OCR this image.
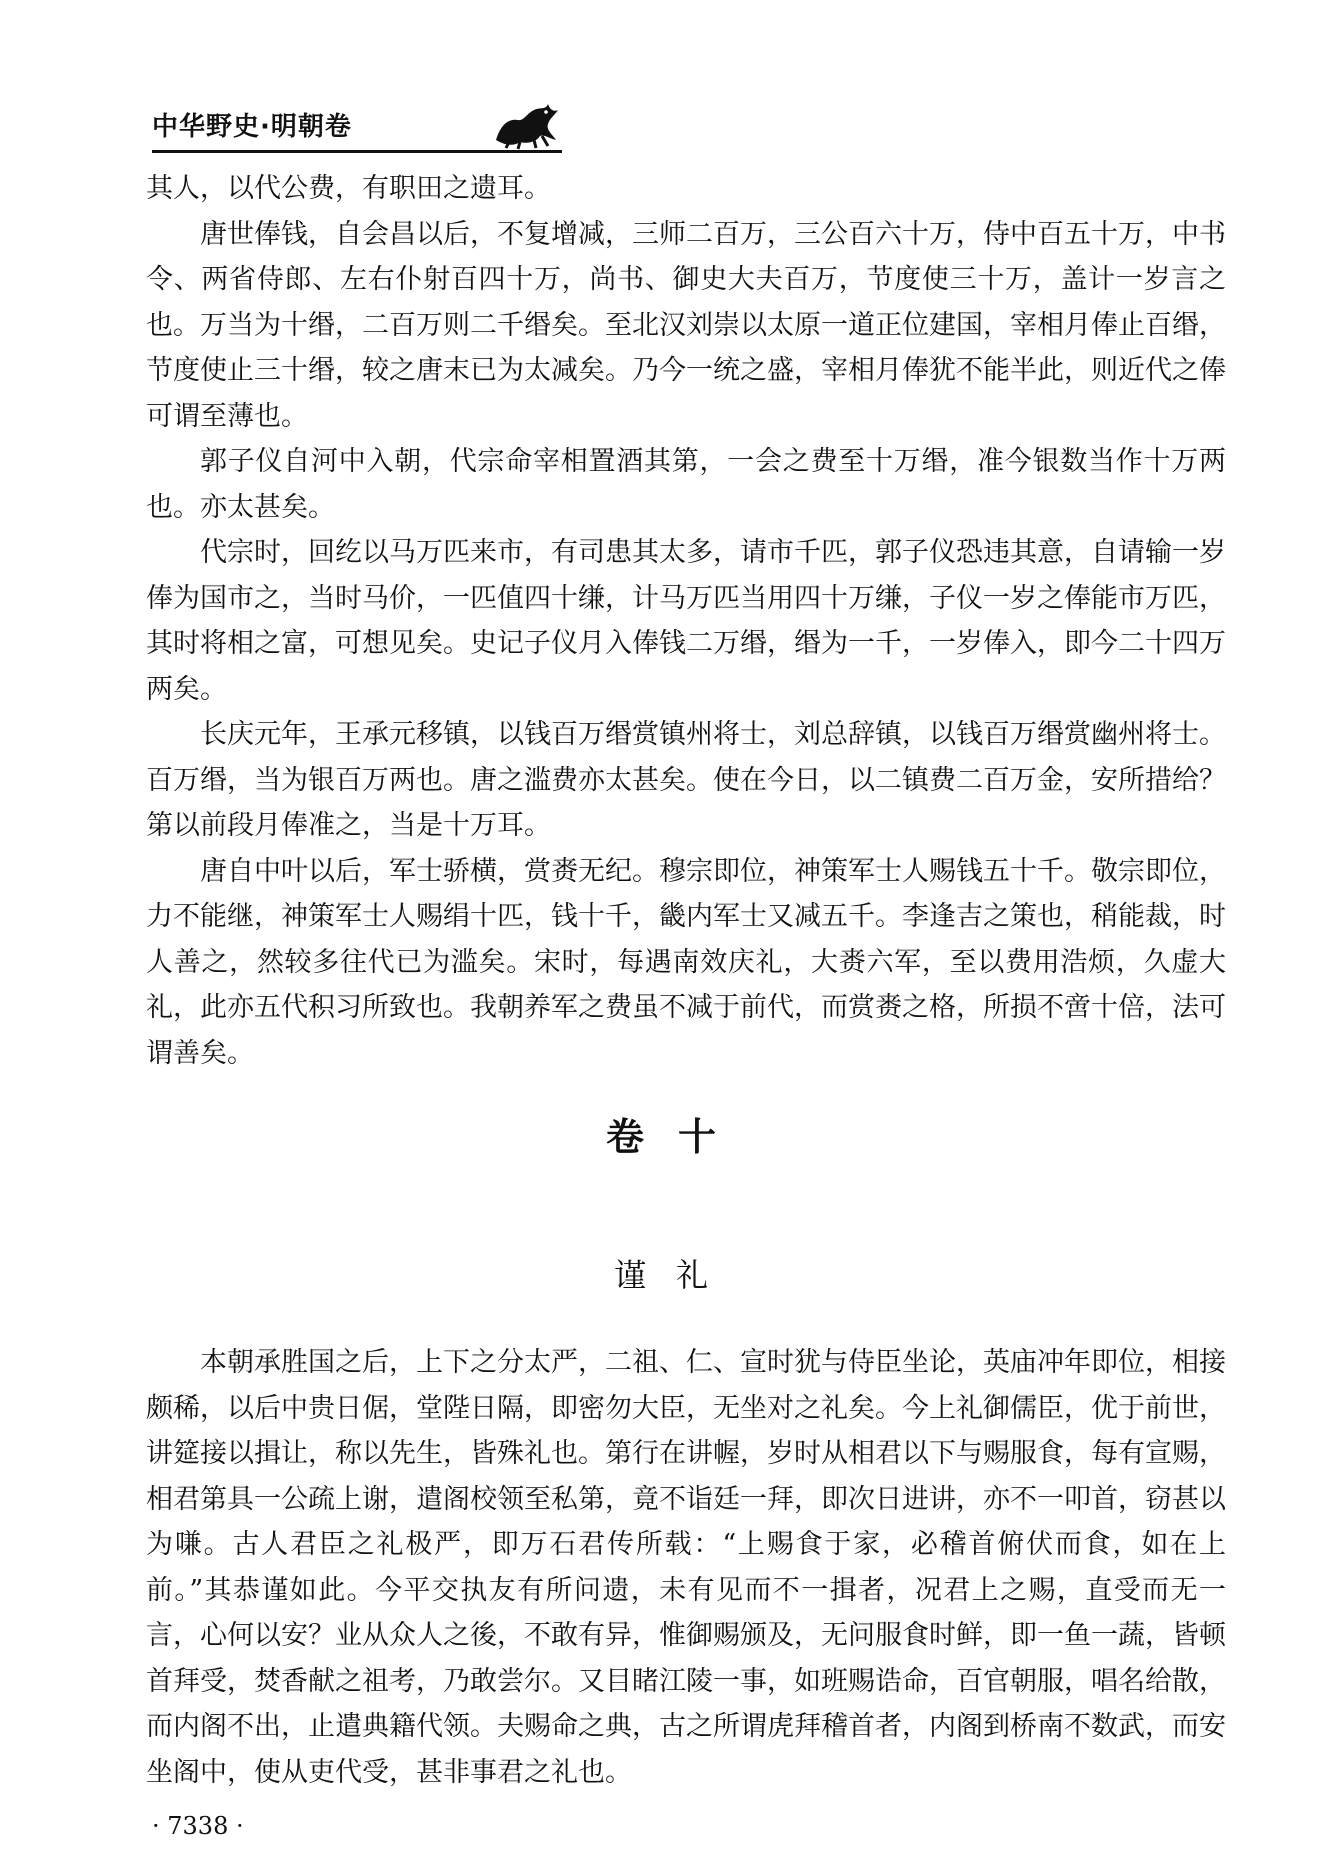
中华野史·明朝卷

其人，以代公费，有职田之遗耳。

唐世俸钱，自会昌以后，不复增减，三师二百万，三公百六十万，侍中百五十万，中书令、两省侍郎、左右仆射百四十万，尚书、御史大夫百万，节度使三十万，盖计一岁言之也。万当为十缗，二百万则二千缗矣。至北汉刘崇以太原一道正位建国，宰相月俸止百缗，节度使止三十缗，较之唐末已为太减矣。乃今一统之盛，宰相月俸犹不能半此，则近代之俸可谓至薄也。

郭子仪自河中入朝，代宗命宰相置酒其第，一会之费至十万缗，准今银数当作十万两也。亦太甚矣。

代宗时，回纥以马万匹来市，有司患其太多，请市千匹，郭子仪恐违其意，自请输一岁俸为国市之，当时马价，一匹值四十缣，计马万匹当用四十万缣，子仪一岁之俸能市万匹，其时将相之富，可想见矣。史记子仪月入俸钱二万缗，缗为一千，一岁俸入，即今二十四万两矣。

长庆元年，王承元移镇，以钱百万缗赏镇州将士，刘总辞镇，以钱百万缗赏幽州将士。百万缗，当为银百万两也。唐之滥费亦太甚矣。使在今日，以二镇费二百万金，安所措给？第以前段月俸准之，当是十万耳。

唐自中叶以后，军士骄横，赏赉无纪。穆宗即位，神策军士人赐钱五十千。敬宗即位，力不能继，神策军士人赐绢十匹，钱十千，畿内军士又减五千。李逢吉之策也，稍能裁，时人善之，然较多往代已为滥矣。宋时，每遇南效庆礼，大赉六军，至以费用浩烦，久虚大礼，此亦五代积习所致也。我朝养军之费虽不减于前代，而赏赉之格，所损不啻十倍，法可谓善矣。

卷十
谨礼

本朝承胜国之后，上下之分太严，二祖、仁、宣时犹与侍臣坐论，英庙冲年即位，相接颇稀，以后中贵日倨，堂陛日隔，即密勿大臣，无坐对之礼矣。今上礼御儒臣，优于前世，讲筵接以揖让，称以先生，皆殊礼也。第行在讲幄，岁时从相君以下与赐服食，每有宣赐，相君第具一公疏上谢，遣阁校领至私第，竟不诣廷一拜，即次日进讲，亦不一叩首，窃甚以为嗛。古人君臣之礼极严，即万石君传所载：“上赐食于家，必稽首俯伏而食，如在上前。”其恭谨如此。今平交执友有所问遗，未有见而不一揖者，况君上之赐，直受而无一言，心何以安？业从众人之後，不敢有异，惟御赐颁及，无问服食时鲜，即一鱼一蔬，皆顿首拜受，焚香献之祖考，乃敢尝尔。又目睹江陵一事，如班赐诰命，百官朝服，唱名给散，而内阁不出，止遣典籍代领。夫赐命之典，古之所谓虎拜稽首者，内阁到桥南不数武，而安坐阁中，使从吏代受，甚非事君之礼也。

· 7338 ·
